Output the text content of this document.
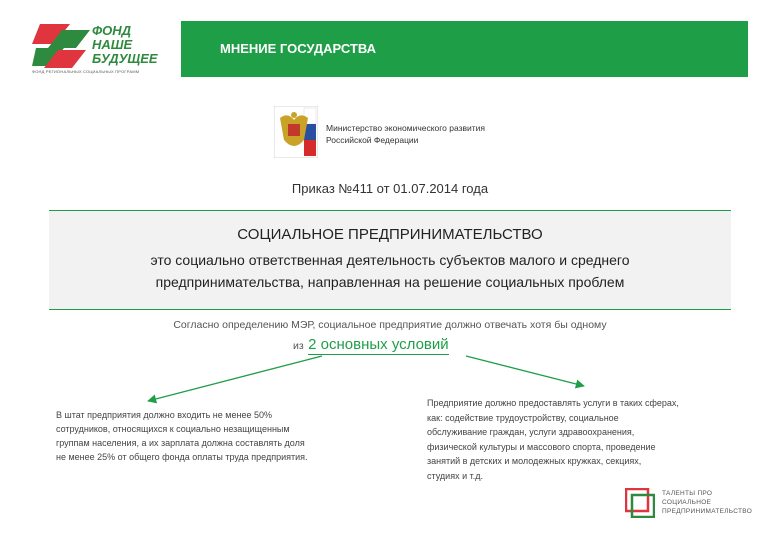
ФОНД
НАШЕ
БУДУЩЕЕ
ФОНД РЕГИОНАЛЬНЫХ СОЦИАЛЬНЫХ ПРОГРАММ
МНЕНИЕ ГОСУДАРСТВА
Министерство экономического развития
Российской Федерации
Приказ №411 от 01.07.2014 года
СОЦИАЛЬНОЕ ПРЕДПРИНИМАТЕЛЬСТВО
это социально ответственная деятельность субъектов малого и среднего
предпринимательства, направленная на решение социальных проблем
Согласно определению МЭР, социальное предприятие должно отвечать хотя бы одному
из 2 основных условий
В штат предприятия должно входить не менее 50%
сотрудников, относящихся к социально незащищенным
группам населения, а их зарплата должна составлять доля
не менее 25% от общего фонда оплаты труда предприятия.
Предприятие должно предоставлять услуги в таких сферах,
как: содействие трудоустройству, социальное
обслуживание граждан, услуги здравоохранения,
физической культуры и массового спорта, проведение
занятий в детских и молодежных кружках, секциях,
студиях и т.д.
ТАЛЕНТЫ ПРО
СОЦИАЛЬНОЕ
ПРЕДПРИНИМАТЕЛЬСТВО
